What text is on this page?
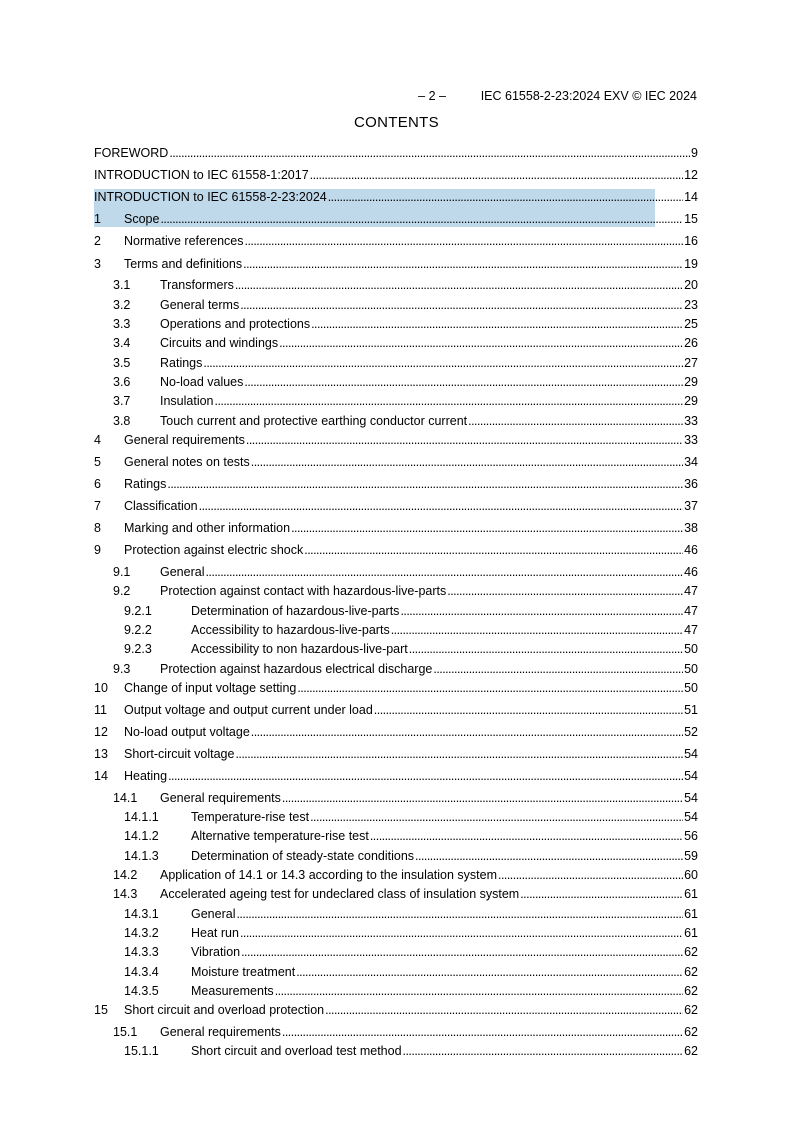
– 2 –	IEC 61558-2-23:2024 EXV © IEC 2024

CONTENTS
FOREWORD . . .	9
INTRODUCTION to IEC 61558-1:2017 . . .	12
INTRODUCTION to IEC 61558-2-23:2024 . . .	14
1	Scope . . .	15
2	Normative references . . .	16
3	Terms and definitions . . .	19
3.1	Transformers . . .	20
3.2	General terms . . .	23
3.3	Operations and protections . . .	25
3.4	Circuits and windings . . .	26
3.5	Ratings . . .	27
3.6	No-load values . . .	29
3.7	Insulation . . .	29
3.8	Touch current and protective earthing conductor current . . .	33
4	General requirements . . .	33
5	General notes on tests . . .	34
6	Ratings . . .	36
7	Classification . . .	37
8	Marking and other information . . .	38
9	Protection against electric shock . . .	46
9.1	General . . .	46
9.2	Protection against contact with hazardous-live-parts . . .	47
9.2.1	Determination of hazardous-live-parts . . .	47
9.2.2	Accessibility to hazardous-live-parts . . .	47
9.2.3	Accessibility to non hazardous-live-part . . .	50
9.3	Protection against hazardous electrical discharge . . .	50
10	Change of input voltage setting . . .	50
11	Output voltage and output current under load . . .	51
12	No-load output voltage . . .	52
13	Short-circuit voltage . . .	54
14	Heating . . .	54
14.1	General requirements . . .	54
14.1.1	Temperature-rise test . . .	54
14.1.2	Alternative temperature-rise test . . .	56
14.1.3	Determination of steady-state conditions . . .	59
14.2	Application of 14.1 or 14.3 according to the insulation system . . .	60
14.3	Accelerated ageing test for undeclared class of insulation system . . .	61
14.3.1	General . . .	61
14.3.2	Heat run . . .	61
14.3.3	Vibration . . .	62
14.3.4	Moisture treatment . . .	62
14.3.5	Measurements . . .	62
15	Short circuit and overload protection . . .	62
15.1	General requirements . . .	62
15.1.1	Short circuit and overload test method . . .	62
